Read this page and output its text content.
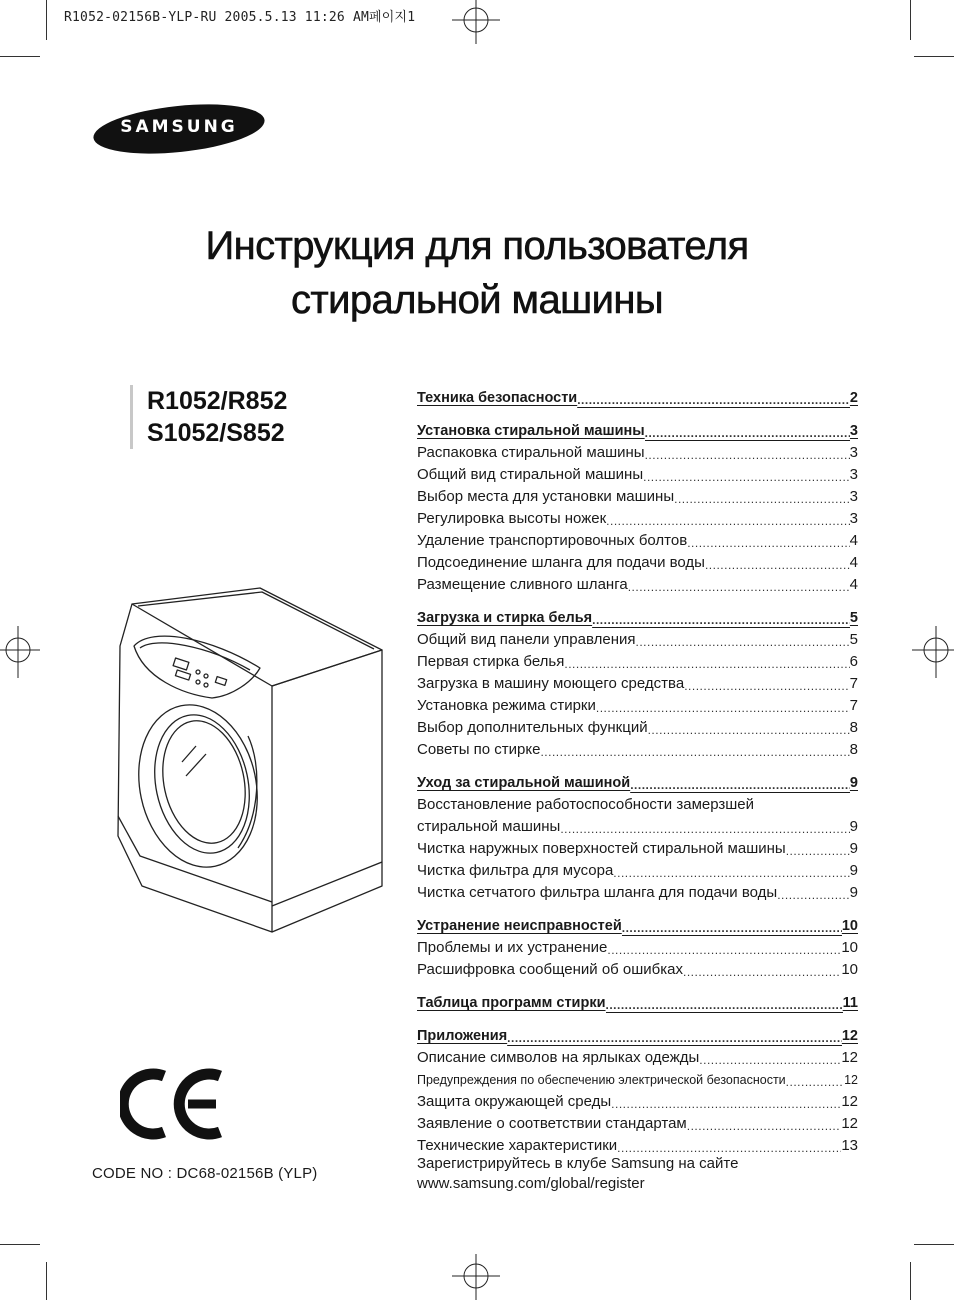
R1052-02156B-YLP-RU 2005.5.13 11:26 AM페이지1
SAMSUNG
Инструкция для пользователя
стиральной машины
R1052/R852
S1052/S852
Техника безопасности .....	2
Установка стиральной машины .....	3
Распаковка стиральной машины .....	3
Общий вид стиральной машины .....	3
Выбор места для установки машины .....	3
Регулировка высоты ножек .....	3
Удаление транспортировочных болтов .....	4
Подсоединение шланга для подачи воды .....	4
Размещение сливного шланга .....	4
Загрузка и стирка белья .....	5
Общий вид панели управления .....	5
Первая стирка белья .....	6
Загрузка в машину моющего средства .....	7
Установка режима стирки .....	7
Выбор дополнительных функций .....	8
Советы по стирке .....	8
Уход за стиральной машиной .....	9
Восстановление работоспособности замерзшей
стиральной машины .....	9
Чистка наружных поверхностей стиральной машины .....	9
Чистка фильтра для мусора .....	9
Чистка сетчатого фильтра шланга для подачи воды .....	9
Устранение неисправностей .....	10
Проблемы и их устранение .....	10
Расшифровка сообщений об ошибках .....	10
Таблица программ стирки .....	11
Приложения .....	12
Описание символов на ярлыках одежды .....	12
Предупреждения по обеспечению электрической безопасности .....	12
Защита окружающей среды .....	12
Заявление о соответствии стандартам .....	12
Технические характеристики .....	13
Зарегистрируйтесь в клубе Samsung на сайте
www.samsung.com/global/register
CODE NO : DC68-02156B (YLP)
